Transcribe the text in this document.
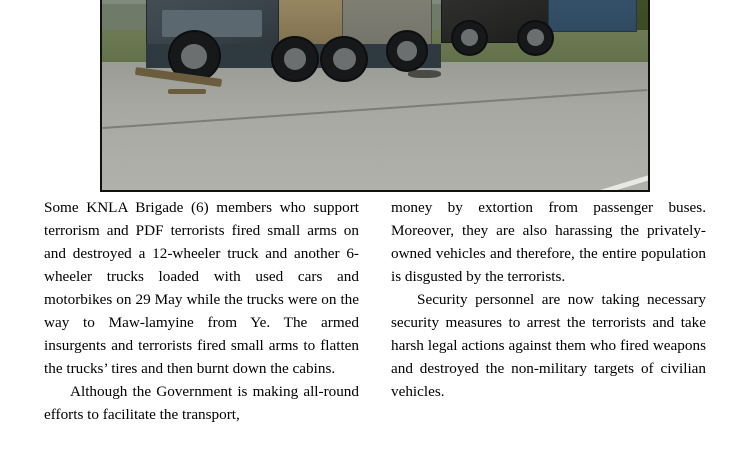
Some KNLA Brigade (6) members who support terrorism and PDF terrorists fired small arms on and destroyed a 12-wheeler truck and another 6-wheeler trucks loaded with used cars and motorbikes on 29 May while the trucks were on the way to Maw-lamyine from Ye. The armed insurgents and terrorists fired small arms to flatten the trucks’ tires and then burnt down the cabins.

Although the Government is making all-round efforts to facilitate the transport,

money by extortion from passenger buses. Moreover, they are also harassing the privately-owned vehicles and therefore, the entire population is disgusted by the terrorists.

Security personnel are now taking necessary security measures to arrest the terrorists and take harsh legal actions against them who fired weapons and destroyed the non-military targets of civilian vehicles.
